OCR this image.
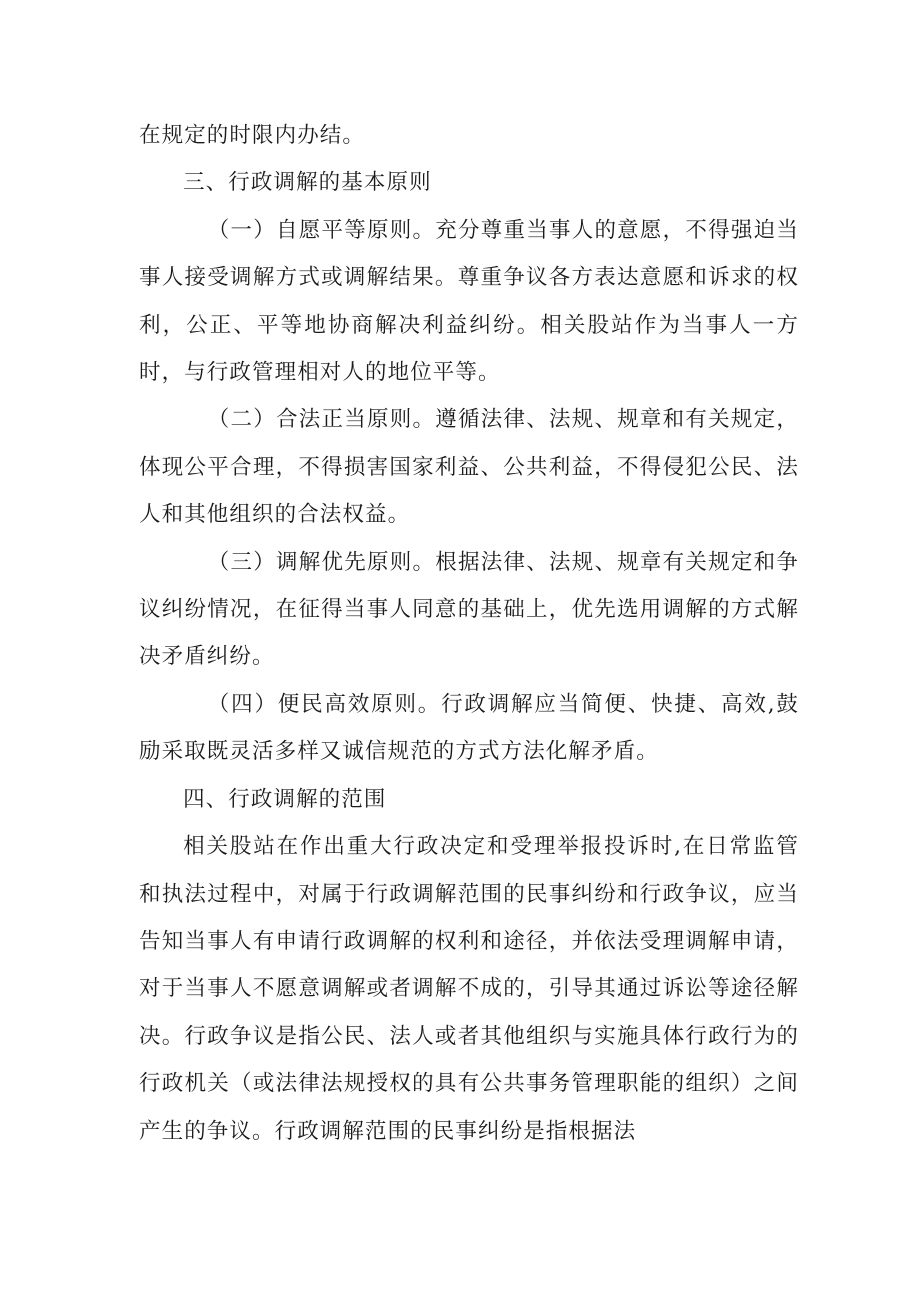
在规定的时限内办结。

三、行政调解的基本原则

（一）自愿平等原则。充分尊重当事人的意愿，不得强迫当事人接受调解方式或调解结果。尊重争议各方表达意愿和诉求的权利，公正、平等地协商解决利益纠纷。相关股站作为当事人一方时，与行政管理相对人的地位平等。

（二）合法正当原则。遵循法律、法规、规章和有关规定，体现公平合理，不得损害国家利益、公共利益，不得侵犯公民、法人和其他组织的合法权益。

（三）调解优先原则。根据法律、法规、规章有关规定和争议纠纷情况，在征得当事人同意的基础上，优先选用调解的方式解决矛盾纠纷。

（四）便民高效原则。行政调解应当简便、快捷、高效,鼓励采取既灵活多样又诚信规范的方式方法化解矛盾。

四、行政调解的范围

相关股站在作出重大行政决定和受理举报投诉时,在日常监管和执法过程中，对属于行政调解范围的民事纠纷和行政争议，应当告知当事人有申请行政调解的权利和途径，并依法受理调解申请，对于当事人不愿意调解或者调解不成的，引导其通过诉讼等途径解决。行政争议是指公民、法人或者其他组织与实施具体行政行为的行政机关（或法律法规授权的具有公共事务管理职能的组织）之间产生的争议。行政调解范围的民事纠纷是指根据法
